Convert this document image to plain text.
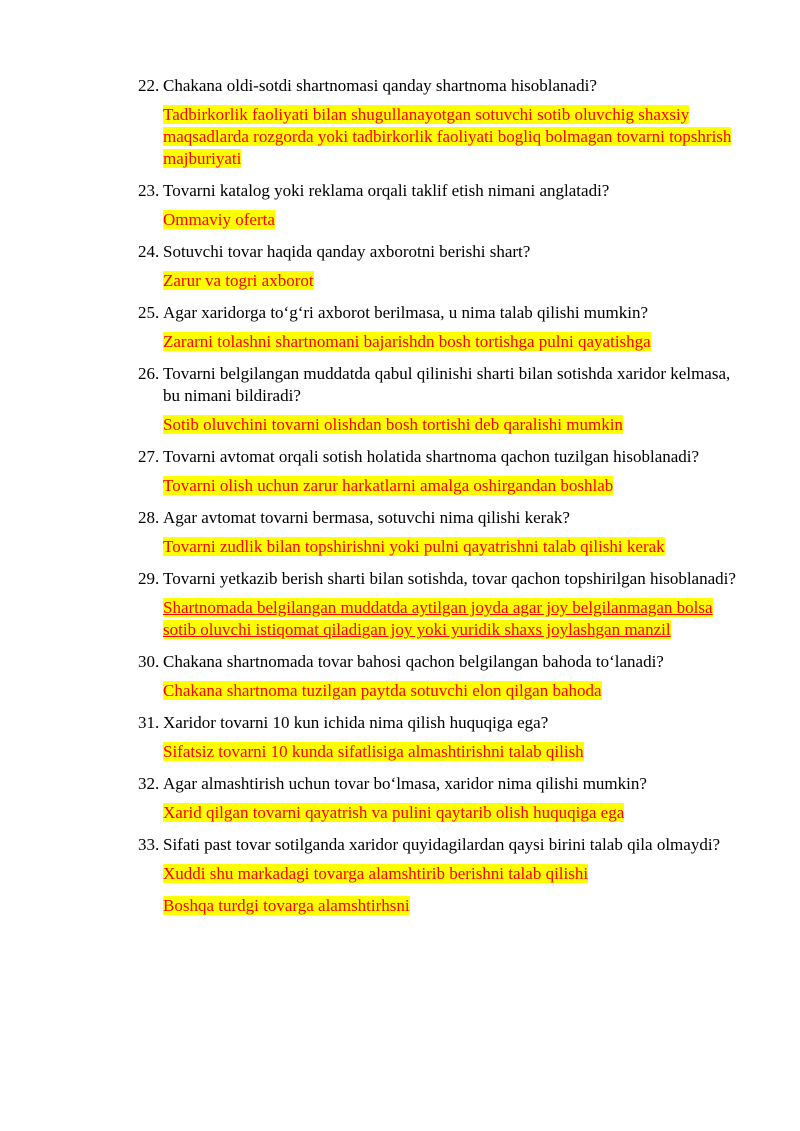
22. Chakana oldi-sotdi shartnomasi qanday shartnoma hisoblanadi?
Tadbirkorlik faoliyati bilan shugullanayotgan sotuvchi sotib oluvchig shaxsiy maqsadlarda rozgorda yoki tadbirkorlik faoliyati bogliq bolmagan tovarni topshrish majburiyati
23. Tovarni katalog yoki reklama orqali taklif etish nimani anglatadi?
Ommaviy oferta
24. Sotuvchi tovar haqida qanday axborotni berishi shart?
Zarur va togri axborot
25. Agar xaridorga to‘g‘ri axborot berilmasa, u nima talab qilishi mumkin?
Zararni tolashni shartnomani bajarishdn bosh tortishga pulni qayatishga
26. Tovarni belgilangan muddatda qabul qilinishi sharti bilan sotishda xaridor kelmasa, bu nimani bildiradi?
Sotib oluvchini tovarni olishdan bosh tortishi deb qaralishi mumkin
27. Tovarni avtomat orqali sotish holatida shartnoma qachon tuzilgan hisoblanadi?
Tovarni olish uchun zarur harkatlarni amalga oshirgandan boshlab
28. Agar avtomat tovarni bermasa, sotuvchi nima qilishi kerak?
Tovarni zudlik bilan topshirishni yoki pulni qayatrishni talab qilishi kerak
29. Tovarni yetkazib berish sharti bilan sotishda, tovar qachon topshirilgan hisoblanadi?
Shartnomada belgilangan muddatda aytilgan joyda agar joy belgilanmagan bolsa sotib oluvchi istiqomat qiladigan joy yoki yuridik shaxs joylashgan manzil
30. Chakana shartnomada tovar bahosi qachon belgilangan bahoda to‘lanadi?
Chakana shartnoma tuzilgan paytda sotuvchi elon qilgan bahoda
31. Xaridor tovarni 10 kun ichida nima qilish huquqiga ega?
Sifatsiz tovarni 10 kunda sifatlisiga almashtirishni talab qilish
32. Agar almashtirish uchun tovar bo‘lmasa, xaridor nima qilishi mumkin?
Xarid qilgan tovarni qayatrish va pulini qaytarib olish huquqiga ega
33. Sifati past tovar sotilganda xaridor quyidagilardan qaysi birini talab qila olmaydi?
Xuddi shu markadagi tovarga alamshtirib berishni talab qilishi
Boshqa turdgi tovarga alamshtirhsni
